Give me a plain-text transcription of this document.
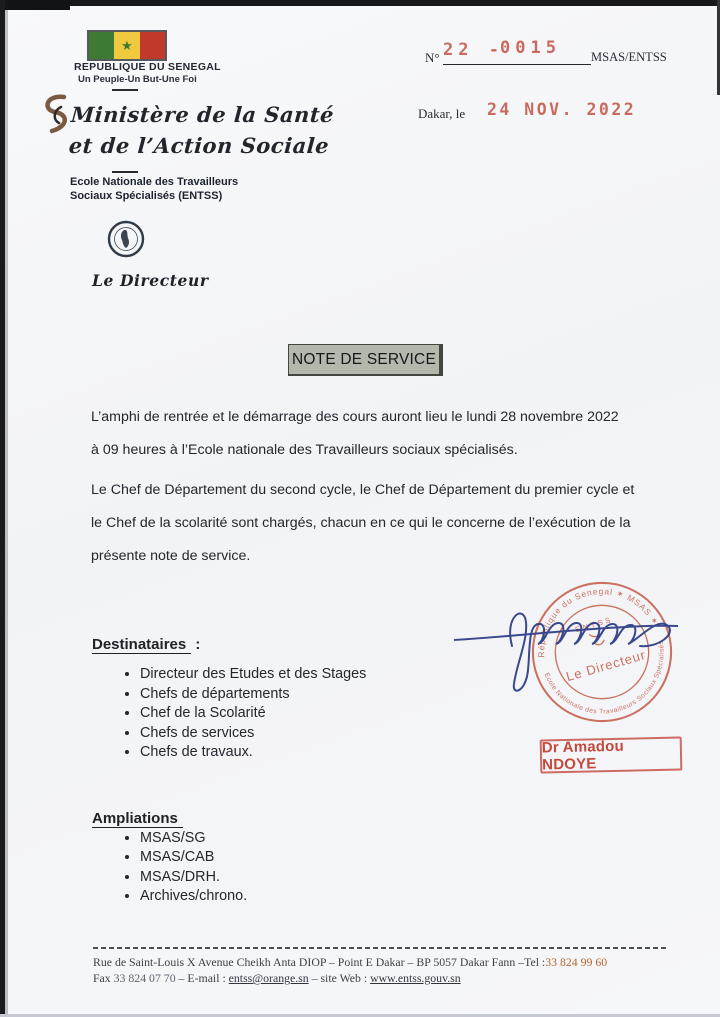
★
REPUBLIQUE DU SENEGAL
Un Peuple-Un But-Une Foi
Ministère de la Santé
et de l’Action Sociale
Ecole Nationale des Travailleurs
Sociaux Spécialisés (ENTSS)
Le Directeur
N° 22 -
0015 MSAS/ENTSS
Dakar, le 24 NOV. 2022
NOTE DE SERVICE
L’amphi de rentrée et le démarrage des cours auront lieu le lundi 28 novembre 2022
à 09 heures à l’Ecole nationale des Travailleurs sociaux spécialisés.
Le Chef de Département du second cycle, le Chef de Département du premier cycle et
le Chef de la scolarité sont chargés, chacun en ce qui le concerne de l’exécution de la
présente note de service.
Destinataires :
• Directeur des Etudes et des Stages
• Chefs de départements
• Chef de la Scolarité
• Chefs de services
• Chefs de travaux.
République du Senegal ✶ MSAS ✶
Ecole Nationale des Travailleurs Sociaux Spécialisés
ENTSS
Le Directeur
Dr Amadou NDOYE
Ampliations
• MSAS/SG
• MSAS/CAB
• MSAS/DRH.
• Archives/chrono.
Rue de Saint-Louis X Avenue Cheikh Anta DIOP – Point E Dakar – BP 5057 Dakar Fann –Tel :33 824 99 60
Fax 33 824 07 70 – E-mail : entss@orange.sn – site Web : www.entss.gouv.sn
